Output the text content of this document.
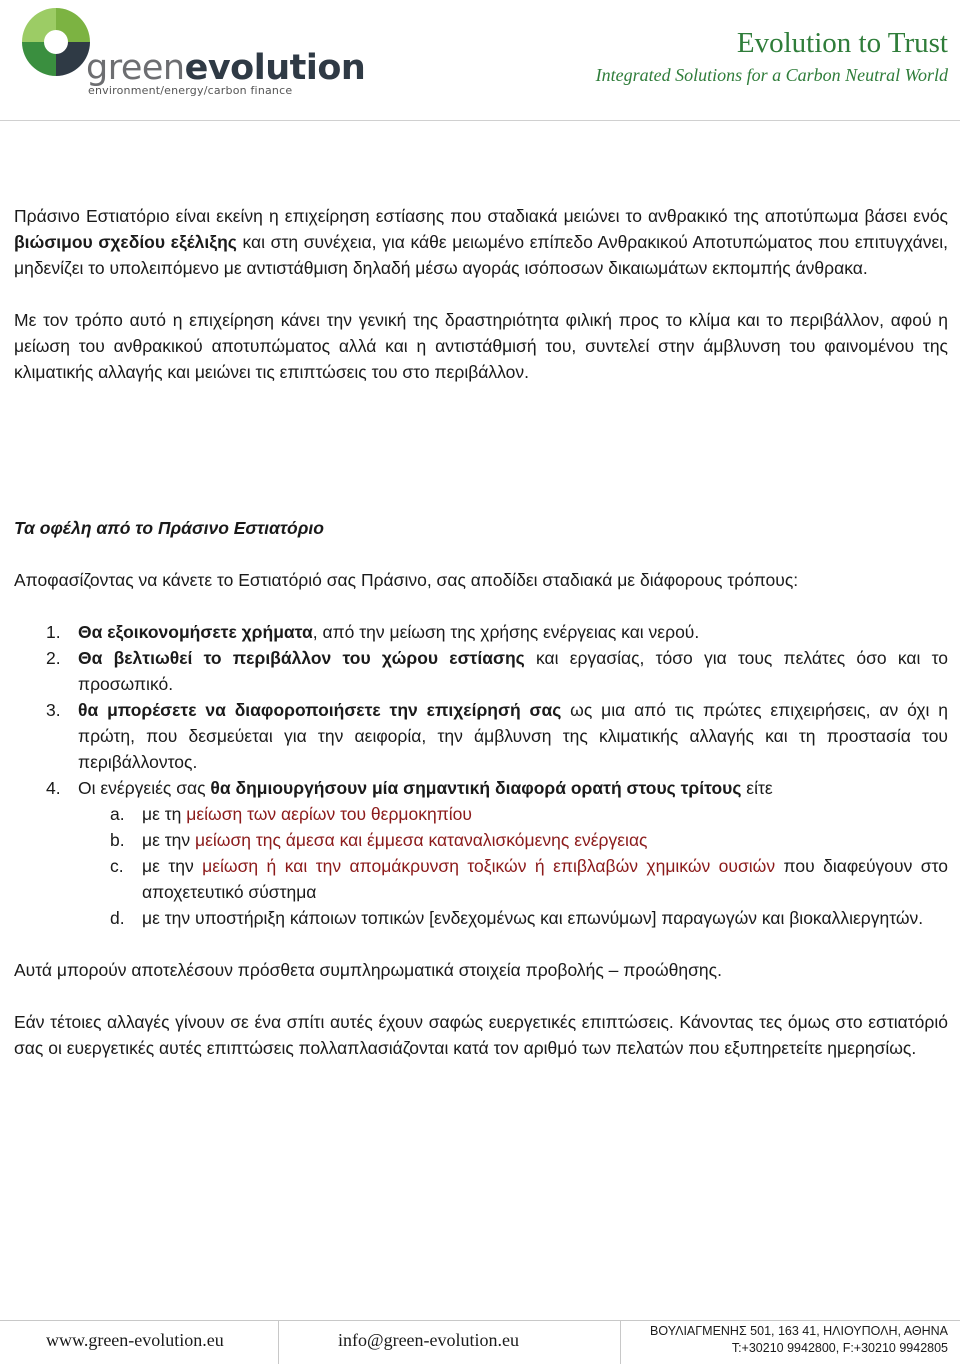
greenevolution
environment/energy/carbon finance
Evolution to Trust
Integrated Solutions for a Carbon Neutral World

Πράσινο Εστιατόριο είναι εκείνη η επιχείρηση εστίασης που σταδιακά μειώνει το ανθρακικό της αποτύπωμα βάσει ενός βιώσιμου σχεδίου εξέλιξης και στη συνέχεια, για κάθε μειωμένο επίπεδο Ανθρακικού Αποτυπώματος που επιτυγχάνει, μηδενίζει το υπολειπόμενο με αντιστάθμιση δηλαδή μέσω αγοράς ισόποσων δικαιωμάτων εκπομπής άνθρακα.

Με τον τρόπο αυτό η επιχείρηση κάνει την γενική της δραστηριότητα φιλική προς το κλίμα και το περιβάλλον, αφού η μείωση του ανθρακικού αποτυπώματος αλλά και η αντιστάθμισή του, συντελεί στην άμβλυνση του φαινομένου της κλιματικής αλλαγής και μειώνει τις επιπτώσεις του στο περιβάλλον.

Τα οφέλη από το Πράσινο Εστιατόριο

Αποφασίζοντας να κάνετε το Εστιατόριό σας Πράσινο, σας αποδίδει σταδιακά με διάφορους τρόπους:

1. Θα εξοικονομήσετε χρήματα, από την μείωση της χρήσης ενέργειας και νερού.
2. Θα βελτιωθεί το περιβάλλον του χώρου εστίασης και εργασίας, τόσο για τους πελάτες όσο και το προσωπικό.
3. θα μπορέσετε να διαφοροποιήσετε την επιχείρησή σας ως μια από τις πρώτες επιχειρήσεις, αν όχι η πρώτη, που δεσμεύεται για την αειφορία, την άμβλυνση της κλιματικής αλλαγής και τη προστασία του περιβάλλοντος.
4. Οι ενέργειές σας θα δημιουργήσουν μία σημαντική διαφορά ορατή στους τρίτους είτε
a. με τη μείωση των αερίων του θερμοκηπίου
b. με την μείωση της άμεσα και έμμεσα καταναλισκόμενης ενέργειας
c. με την μείωση ή και την απομάκρυνση τοξικών ή επιβλαβών χημικών ουσιών που διαφεύγουν στο αποχετευτικό σύστημα
d. με την υποστήριξη κάποιων τοπικών [ενδεχομένως και επωνύμων] παραγωγών και βιοκαλλιεργητών.

Αυτά μπορούν αποτελέσουν πρόσθετα συμπληρωματικά στοιχεία προβολής – προώθησης.

Εάν τέτοιες αλλαγές γίνουν σε ένα σπίτι αυτές έχουν σαφώς ευεργετικές επιπτώσεις. Κάνοντας τες όμως στο εστιατόριό σας οι ευεργετικές αυτές επιπτώσεις πολλαπλασιάζονται κατά τον αριθμό των πελατών που εξυπηρετείτε ημερησίως.

www.green-evolution.eu	info@green-evolution.eu	ΒΟΥΛΙΑΓΜΕΝΗΣ 501, 163 41, ΗΛΙΟΥΠΟΛΗ, ΑΘΗΝΑ
T:+30210 9942800, F:+30210 9942805
